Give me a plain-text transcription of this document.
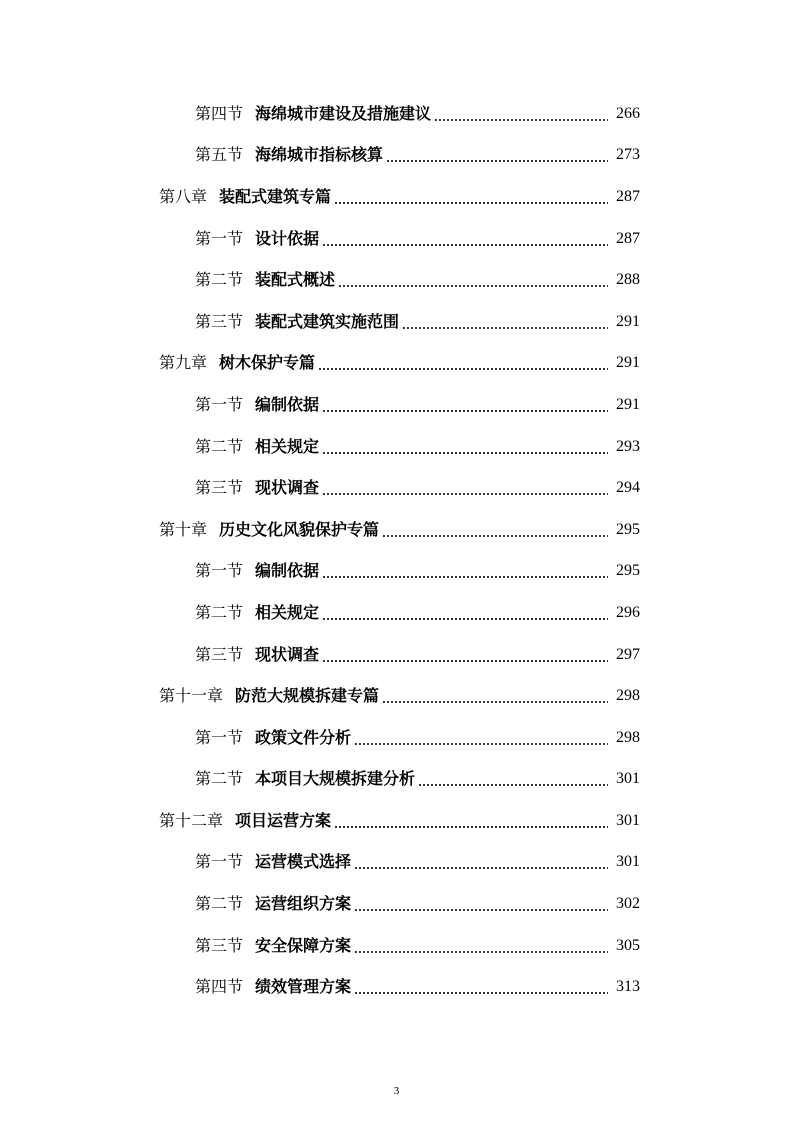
第四节 海绵城市建设及措施建议	266
第五节 海绵城市指标核算	273
第八章 装配式建筑专篇	287
第一节 设计依据	287
第二节 装配式概述	288
第三节 装配式建筑实施范围	291
第九章 树木保护专篇	291
第一节 编制依据	291
第二节 相关规定	293
第三节 现状调查	294
第十章 历史文化风貌保护专篇	295
第一节 编制依据	295
第二节 相关规定	296
第三节 现状调查	297
第十一章 防范大规模拆建专篇	298
第一节 政策文件分析	298
第二节 本项目大规模拆建分析	301
第十二章 项目运营方案	301
第一节 运营模式选择	301
第二节 运营组织方案	302
第三节 安全保障方案	305
第四节 绩效管理方案	313
3
